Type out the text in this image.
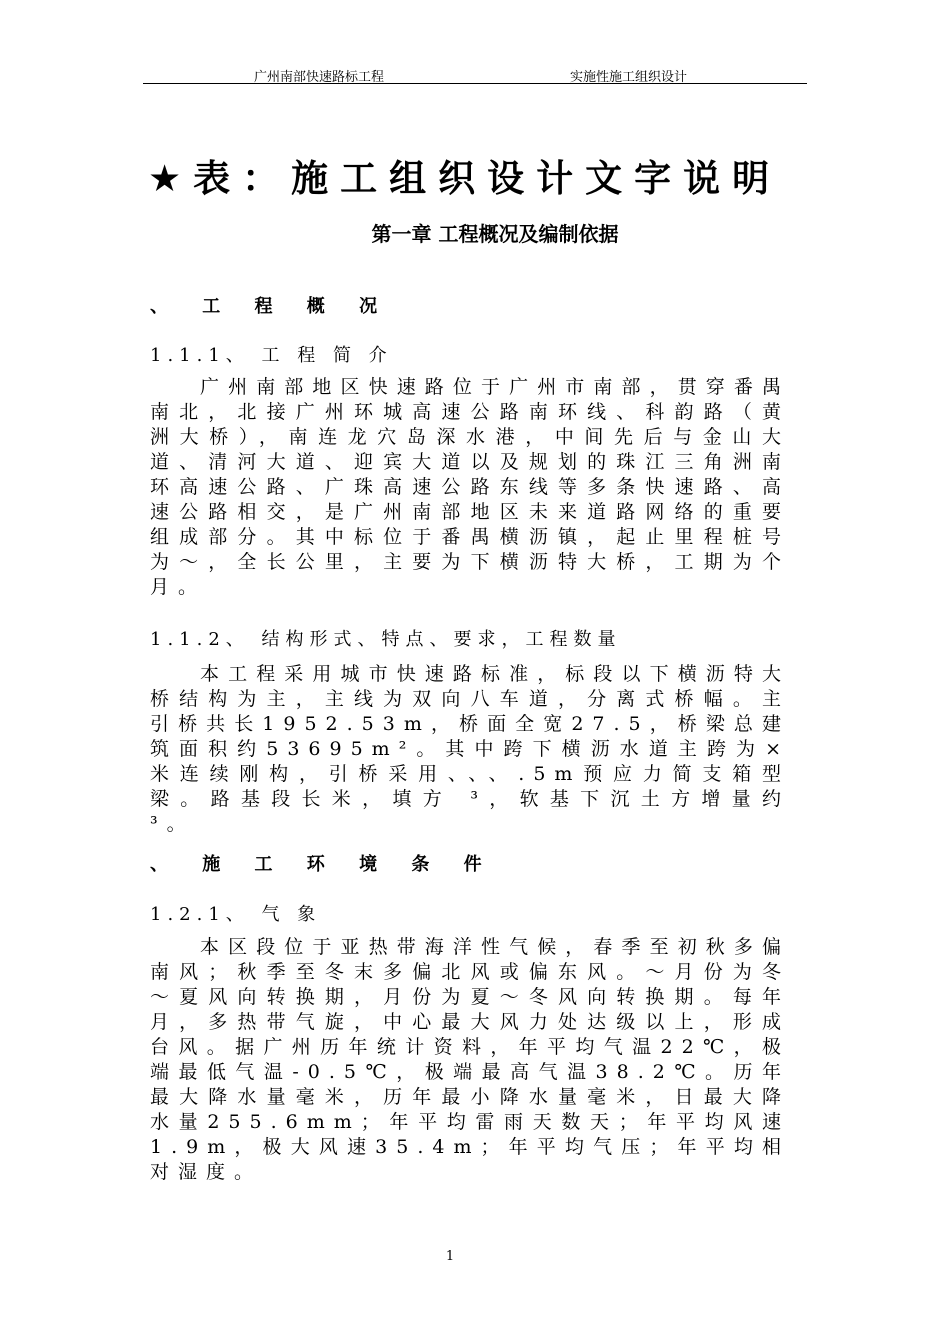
广州南部快速路标工程	实施性施工组织设计
★表：施工组织设计文字说明
第一章 工程概况及编制依据
、 工 程 概 况
1.1.1、 工 程 简 介
广州南部地区快速路位于广州市南部，贯穿番禺南北，北接广州环城高速公路南环线、科韵路（黄洲大桥），南连龙穴岛深水港，中间先后与金山大道、清河大道、迎宾大道以及规划的珠江三角洲南环高速公路、广珠高速公路东线等多条快速路、高速公路相交，是广州南部地区未来道路网络的重要组成部分。其中标位于番禺横沥镇，起止里程桩号为～，全长公里，主要为下横沥特大桥，工期为个月。
1.1.2、 结构形式、特点、要求，工程数量
本工程采用城市快速路标准，标段以下横沥特大桥结构为主，主线为双向八车道，分离式桥幅。主引桥共长1952.53m，桥面全宽27.5，桥梁总建筑面积约53695m²。其中跨下横沥水道主跨为×米连续刚构，引桥采用、、、.5m预应力简支箱型梁。路基段长米，填方 ³，软基下沉土方增量约 ³。
、 施 工 环 境 条 件
1.2.1、 气 象
本区段位于亚热带海洋性气候，春季至初秋多偏南风；秋季至冬末多偏北风或偏东风。～月份为冬～夏风向转换期，月份为夏～冬风向转换期。每年月，多热带气旋，中心最大风力处达级以上，形成台风。据广州历年统计资料，年平均气温22℃，极端最低气温-0.5℃，极端最高气温38.2℃。历年最大降水量毫米，历年最小降水量毫米，日最大降水量255.6mm；年平均雷雨天数天；年平均风速1.9m，极大风速35.4m；年平均气压；年平均相对湿度。
1
